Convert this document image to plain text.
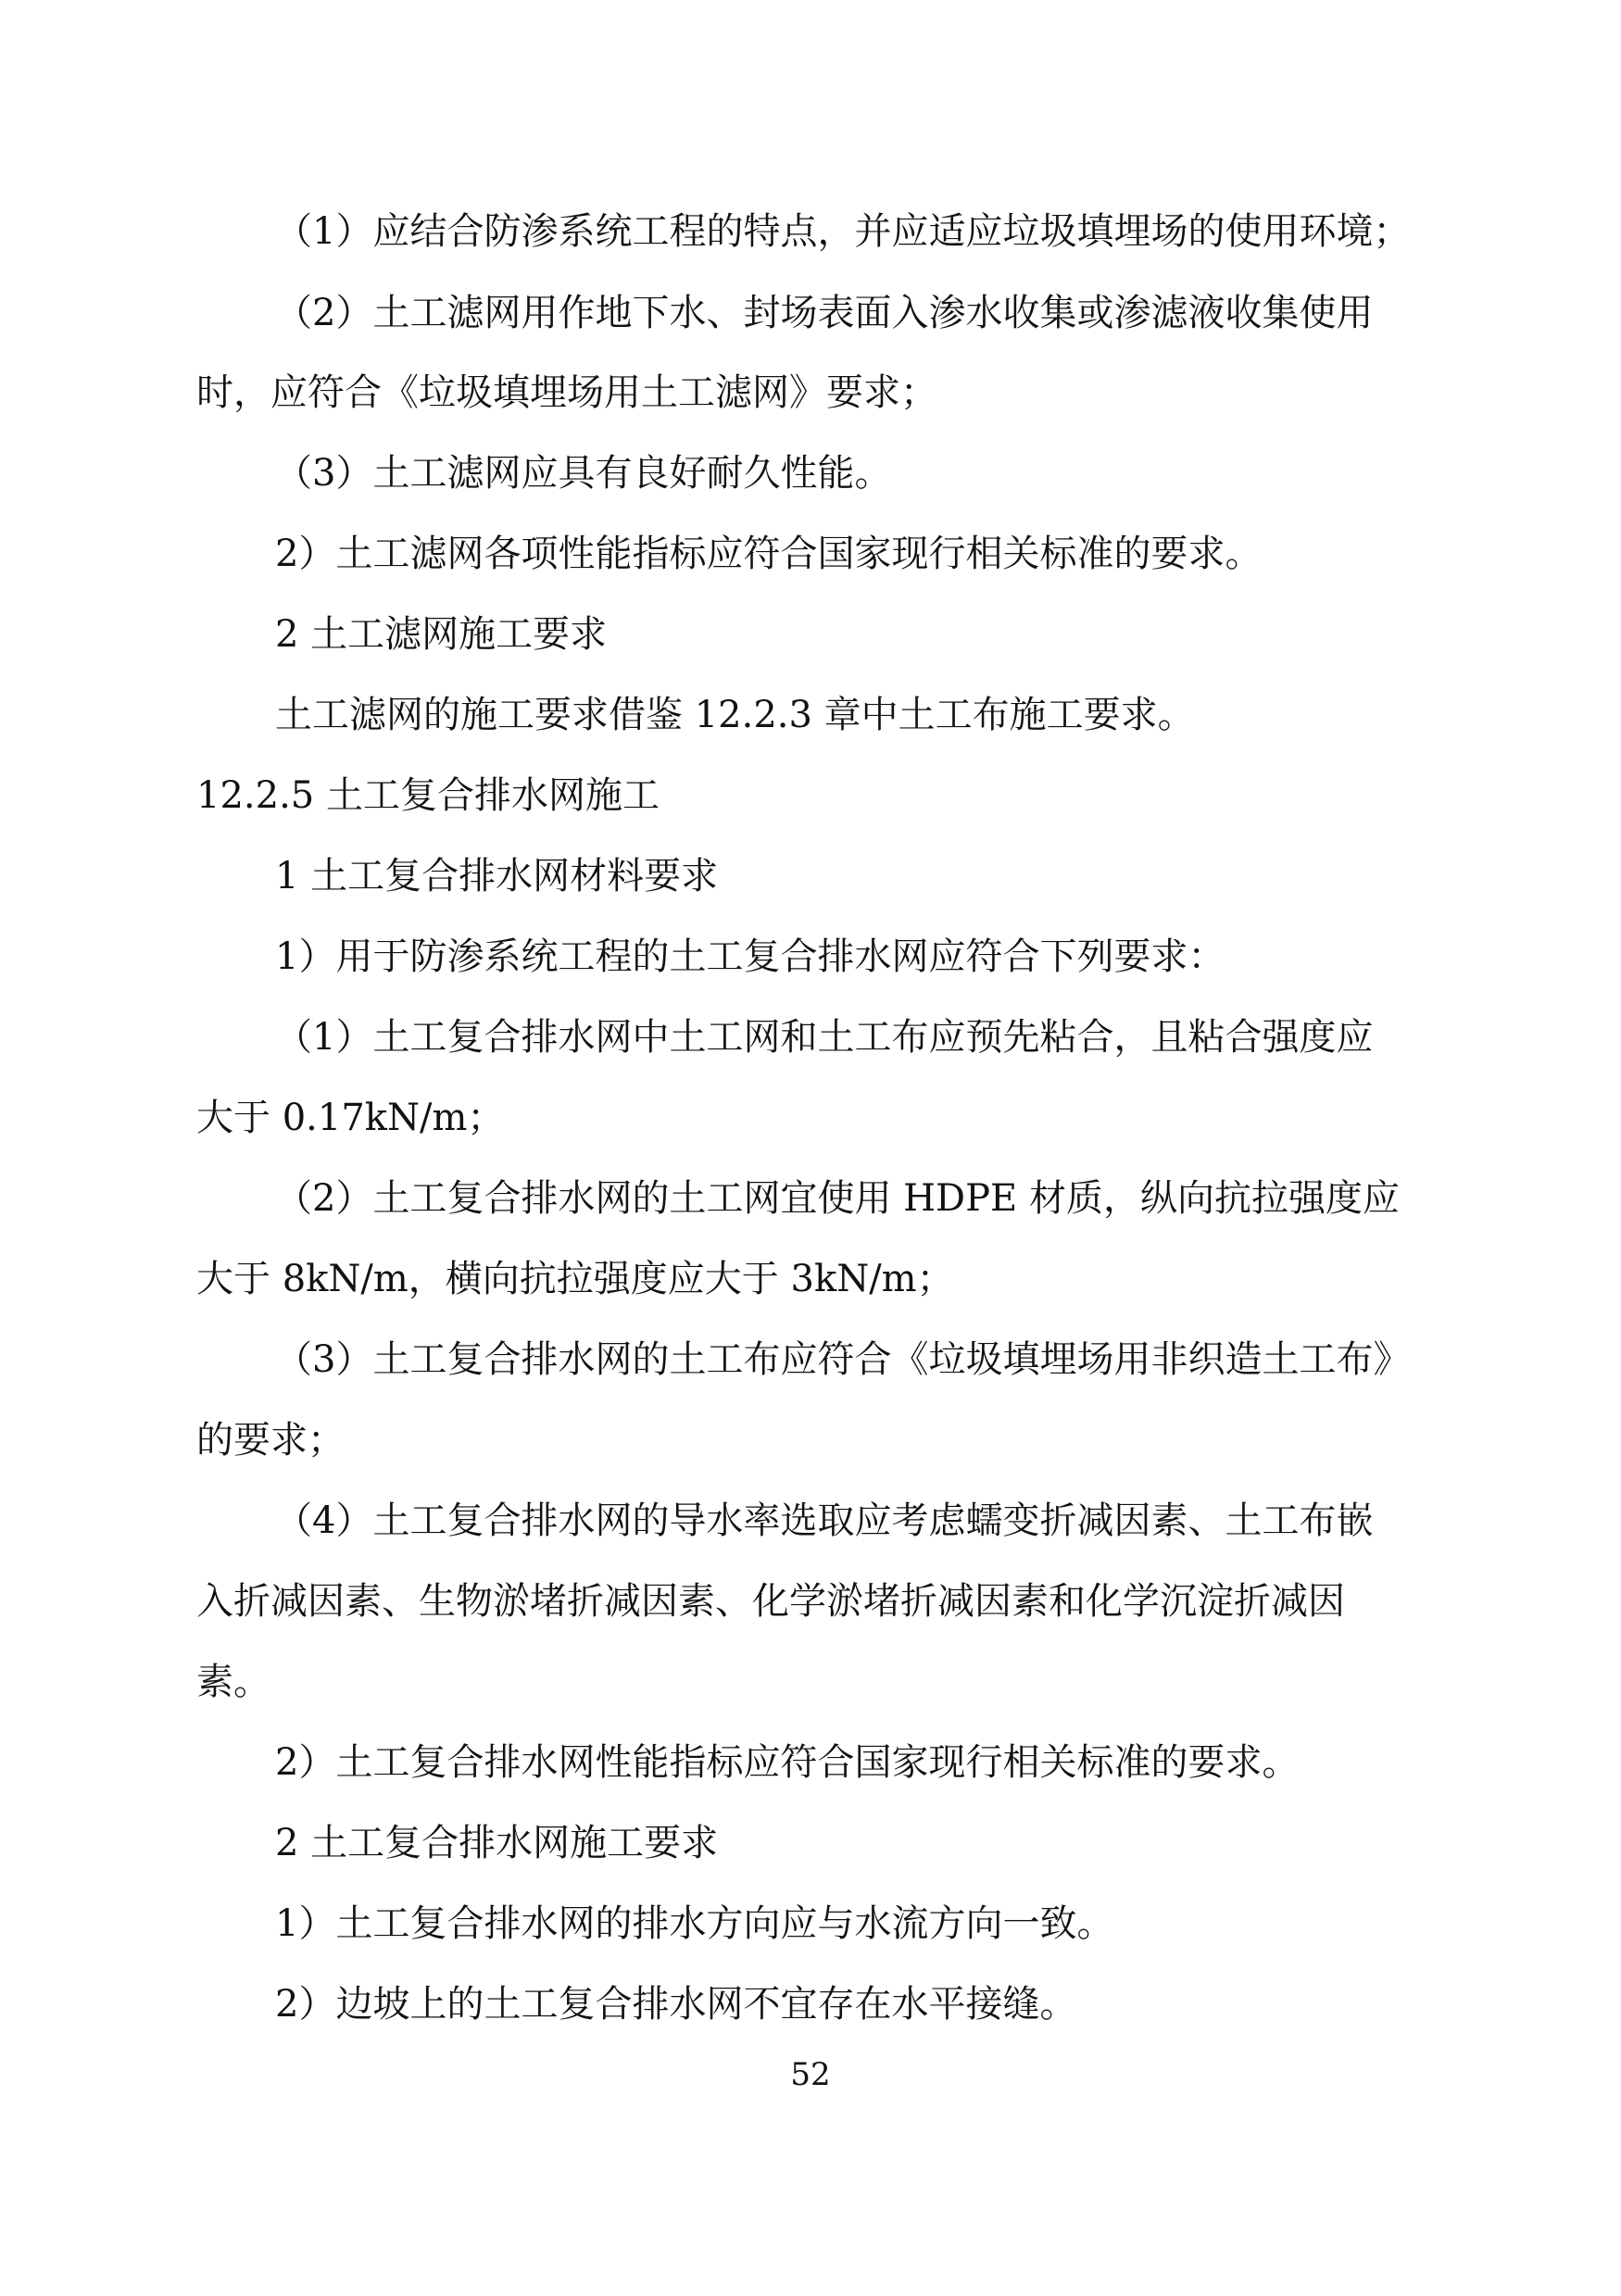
（1）应结合防渗系统工程的特点，并应适应垃圾填埋场的使用环境；
（2）土工滤网用作地下水、封场表面入渗水收集或渗滤液收集使用
时，应符合《垃圾填埋场用土工滤网》要求；
（3）土工滤网应具有良好耐久性能。
2）土工滤网各项性能指标应符合国家现行相关标准的要求。
2 土工滤网施工要求
土工滤网的施工要求借鉴 12.2.3 章中土工布施工要求。
12.2.5 土工复合排水网施工
1 土工复合排水网材料要求
1）用于防渗系统工程的土工复合排水网应符合下列要求：
（1）土工复合排水网中土工网和土工布应预先粘合，且粘合强度应
大于 0.17kN/m；
（2）土工复合排水网的土工网宜使用 HDPE 材质，纵向抗拉强度应
大于 8kN/m，横向抗拉强度应大于 3kN/m；
（3）土工复合排水网的土工布应符合《垃圾填埋场用非织造土工布》
的要求；
（4）土工复合排水网的导水率选取应考虑蠕变折减因素、土工布嵌
入折减因素、生物淤堵折减因素、化学淤堵折减因素和化学沉淀折减因
素。
2）土工复合排水网性能指标应符合国家现行相关标准的要求。
2 土工复合排水网施工要求
1）土工复合排水网的排水方向应与水流方向一致。
2）边坡上的土工复合排水网不宜存在水平接缝。
52
